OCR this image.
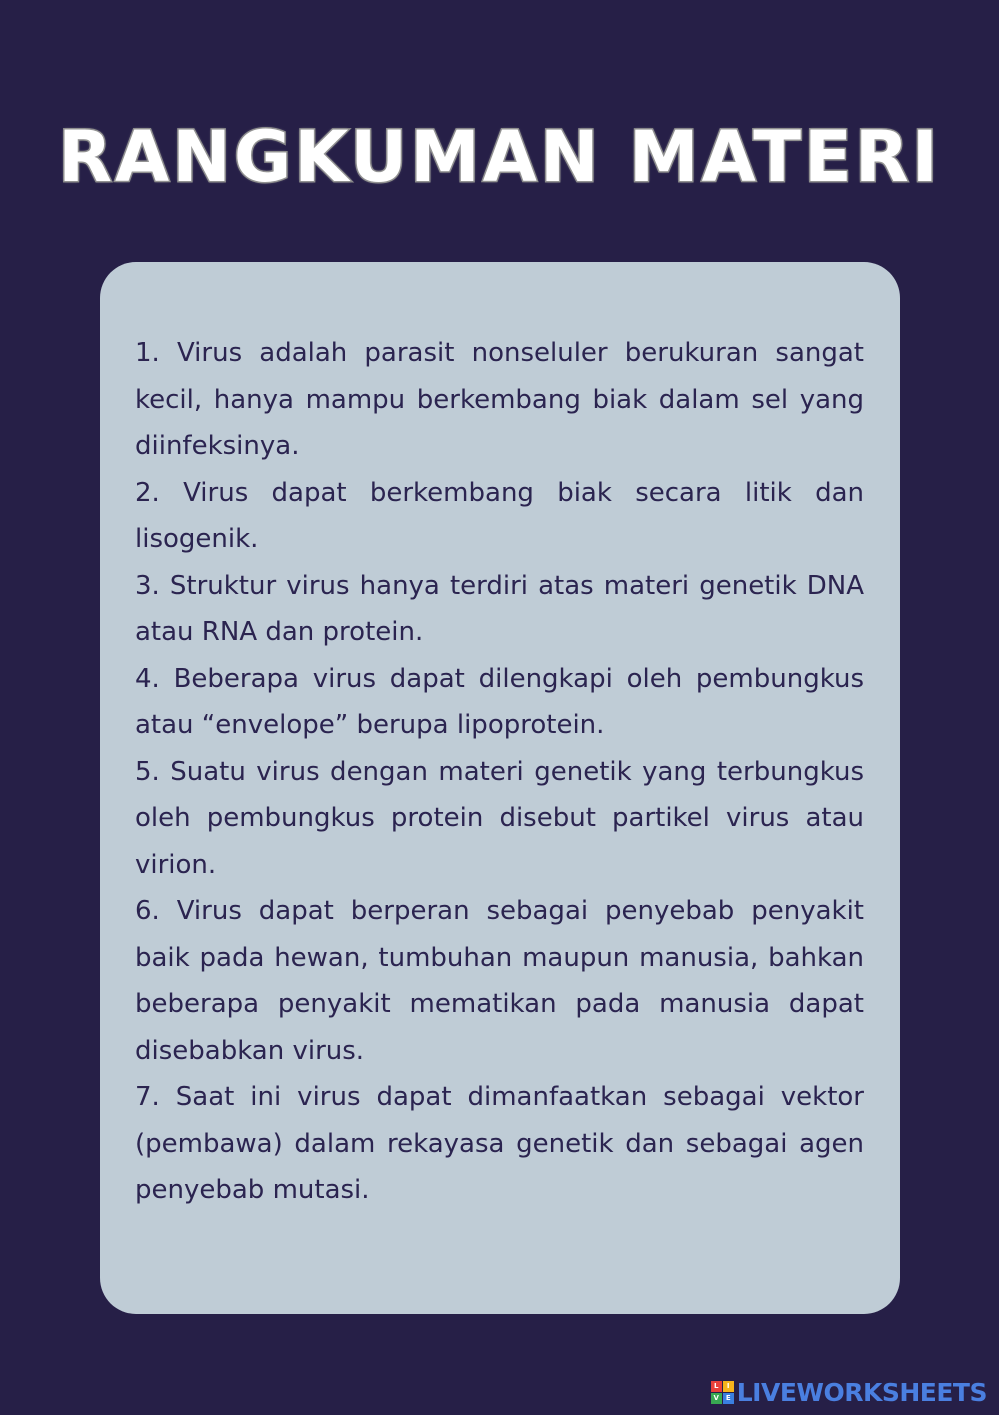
RANGKUMAN MATERI

1. Virus adalah parasit nonseluler berukuran sangat kecil, hanya mampu berkembang biak dalam sel yang diinfeksinya.

2. Virus dapat berkembang biak secara litik dan lisogenik.

3. Struktur virus hanya terdiri atas materi genetik DNA atau RNA dan protein.

4. Beberapa virus dapat dilengkapi oleh pembungkus atau “envelope” berupa lipoprotein.

5. Suatu virus dengan materi genetik yang terbungkus oleh pembungkus protein disebut partikel virus atau virion.

6. Virus dapat berperan sebagai penyebab penyakit baik pada hewan, tumbuhan maupun manusia, bahkan beberapa penyakit mematikan pada manusia dapat disebabkan virus.

7. Saat ini virus dapat dimanfaatkan sebagai vektor (pembawa) dalam rekayasa genetik dan sebagai agen penyebab mutasi.

L	I
V E LIVEWORKSHEETS
